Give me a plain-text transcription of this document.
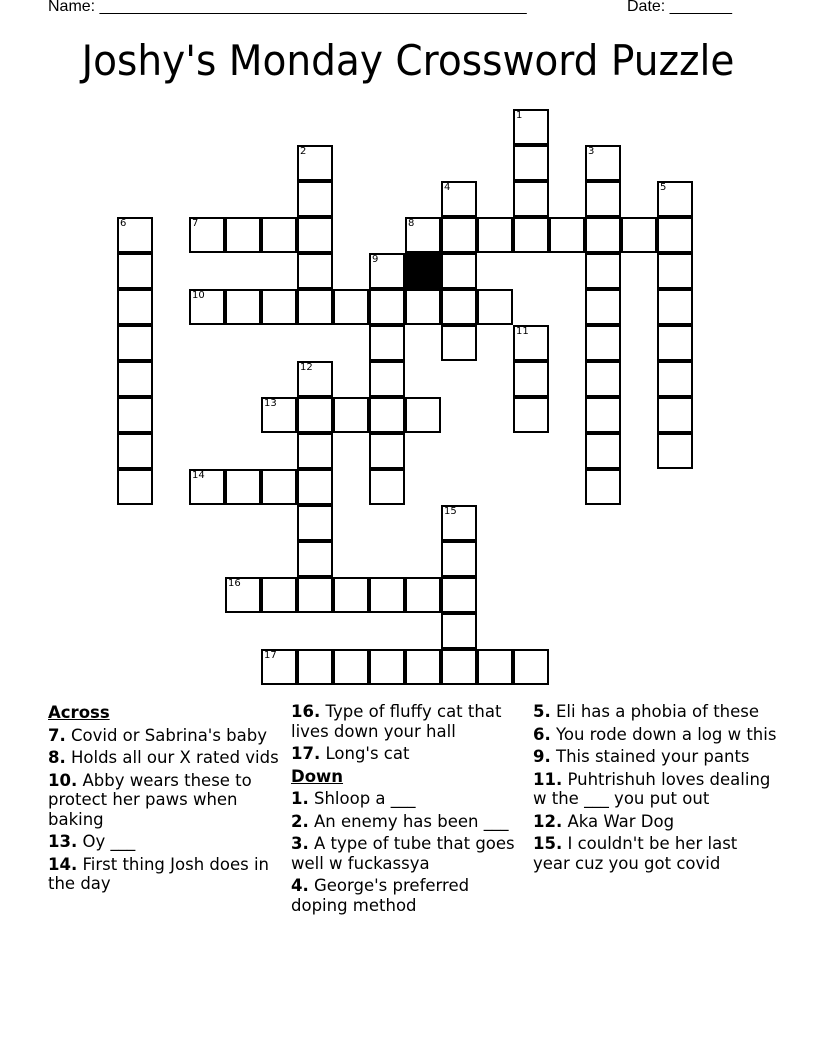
Name: ________________________________________________	Date: _______
Joshy's Monday Crossword Puzzle
1
2	3
4	5
6	7	8
9
10
11
12
13
14
15
16
17
Across
7. Covid or Sabrina's baby
8. Holds all our X rated vids
10. Abby wears these to protect her paws when baking
13. Oy ___
14. First thing Josh does in the day
16. Type of fluffy cat that lives down your hall
17. Long's cat
Down
1. Shloop a ___
2. An enemy has been ___
3. A type of tube that goes well w fuckassya
4. George's preferred doping method
5. Eli has a phobia of these
6. You rode down a log w this
9. This stained your pants
11. Puhtrishuh loves dealing w the ___ you put out
12. Aka War Dog
15. I couldn't be her last year cuz you got covid
